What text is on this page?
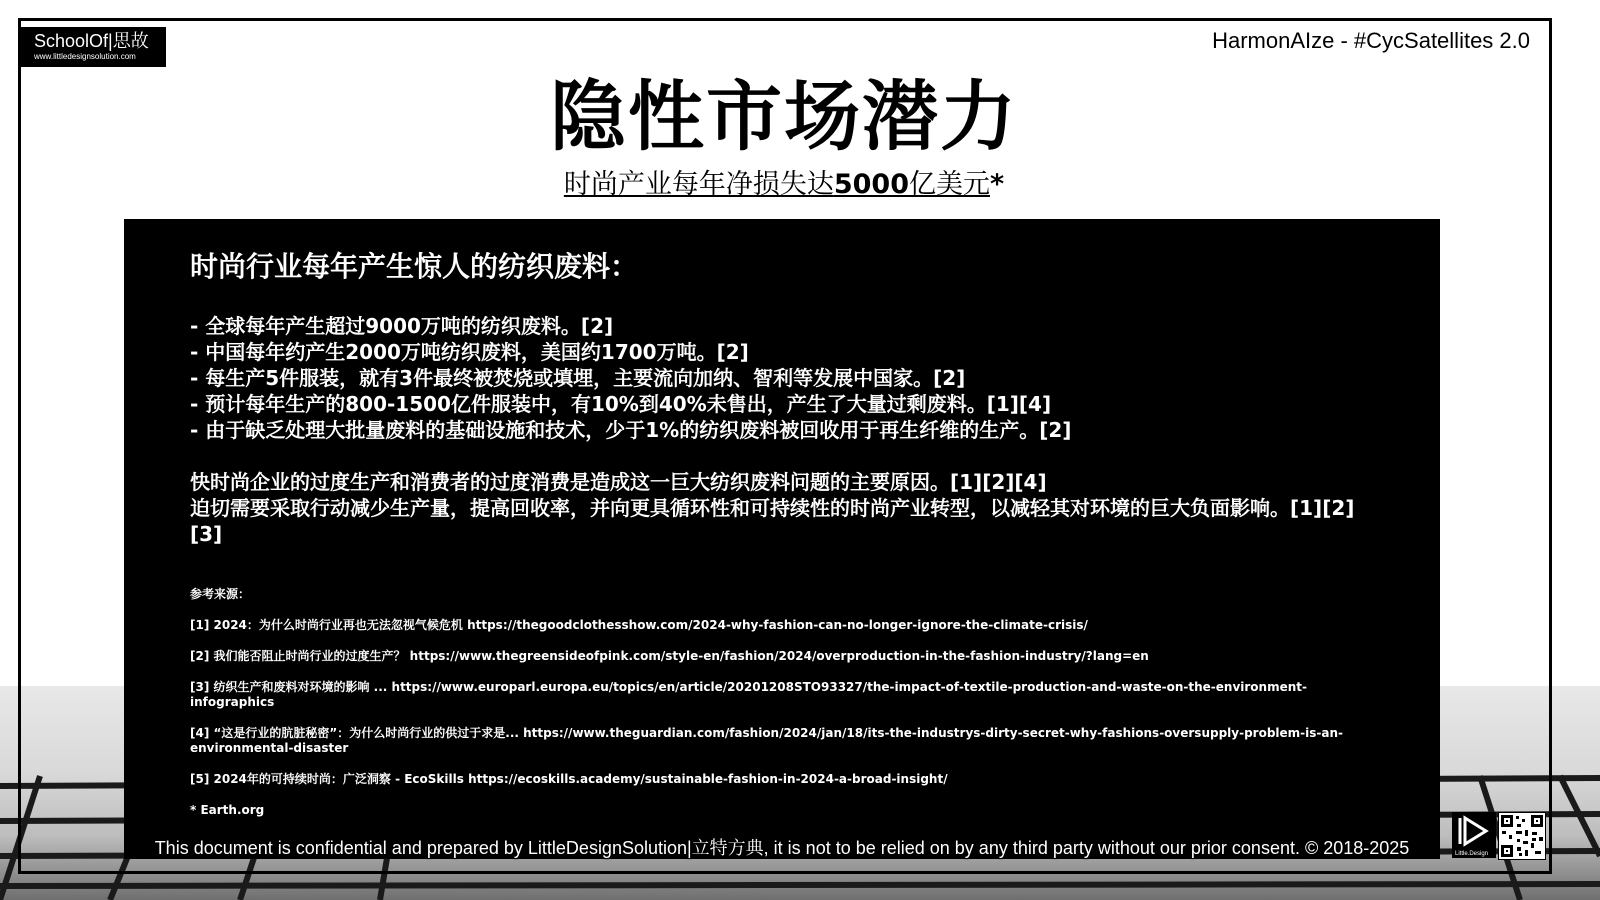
SchoolOf|思故
www.littledesignsolution.com
HarmonAIze - #CycSatellites 2.0
隐性市场潜力
时尚产业每年净损失达5000亿美元*
时尚行业每年产生惊人的纺织废料：
- 全球每年产生超过9000万吨的纺织废料。[2]
- 中国每年约产生2000万吨纺织废料，美国约1700万吨。[2]
- 每生产5件服装，就有3件最终被焚烧或填埋，主要流向加纳、智利等发展中国家。[2]
- 预计每年生产的800-1500亿件服装中，有10%到40%未售出，产生了大量过剩废料。[1][4]
- 由于缺乏处理大批量废料的基础设施和技术，少于1%的纺织废料被回收用于再生纤维的生产。[2]
快时尚企业的过度生产和消费者的过度消费是造成这一巨大纺织废料问题的主要原因。[1][2][4]
迫切需要采取行动减少生产量，提高回收率，并向更具循环性和可持续性的时尚产业转型，以减轻其对环境的巨大负面影响。[1][2][3]
参考来源：
[1] 2024：为什么时尚行业再也无法忽视气候危机 https://thegoodclothesshow.com/2024-why-fashion-can-no-longer-ignore-the-climate-crisis/
[2] 我们能否阻止时尚行业的过度生产？ https://www.thegreensideofpink.com/style-en/fashion/2024/overproduction-in-the-fashion-industry/?lang=en
[3] 纺织生产和废料对环境的影响 ... https://www.europarl.europa.eu/topics/en/article/20201208STO93327/the-impact-of-textile-production-and-waste-on-the-environment-infographics
[4] “这是行业的肮脏秘密”：为什么时尚行业的供过于求是... https://www.theguardian.com/fashion/2024/jan/18/its-the-industrys-dirty-secret-why-fashions-oversupply-problem-is-an-environmental-disaster
[5] 2024年的可持续时尚：广泛洞察 - EcoSkills https://ecoskills.academy/sustainable-fashion-in-2024-a-broad-insight/
* Earth.org
This document is confidential and prepared by LittleDesignSolution|立特方典, it is not to be relied on by any third party without our prior consent. © 2018-2025	Little.Design
